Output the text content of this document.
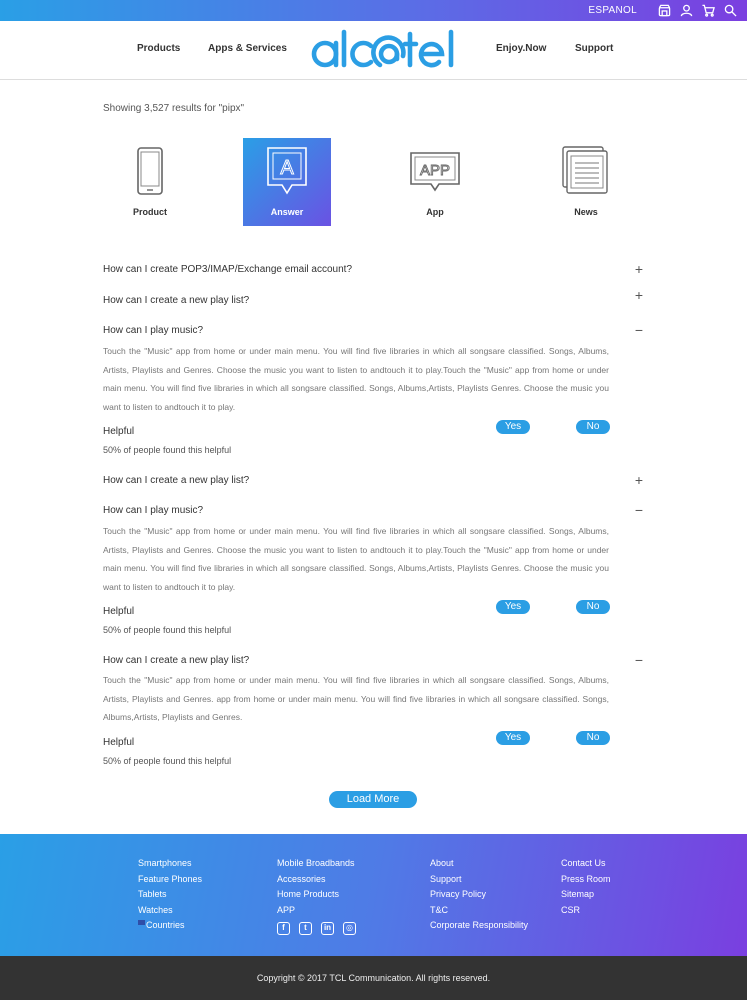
ESPANOL
Products	Apps & Services	Enjoy.Now	Support
Showing 3,527 results for "pipx"
Product
A
Answer
APP
App	News
How can I create POP3/IMAP/Exchange email account?	+
How can I create a new play list?	+
How can I play music?	−
Touch the "Music" app from home or under main menu. You will find five libraries in which all songsare classified. Songs, Albums, Artists, Playlists and Genres. Choose the music you want to listen to andtouch it to play.Touch the "Music" app from home or under main menu. You will find five libraries in which all songsare classified. Songs, Albums,Artists, Playlists Genres. Choose the music you want to listen to andtouch it to play.
Helpful	Yes	No
50% of people found this helpful
How can I create a new play list?	+
How can I play music?	−
Touch the "Music" app from home or under main menu. You will find five libraries in which all songsare classified. Songs, Albums, Artists, Playlists and Genres. Choose the music you want to listen to andtouch it to play.Touch the "Music" app from home or under main menu. You will find five libraries in which all songsare classified. Songs, Albums,Artists, Playlists Genres. Choose the music you want to listen to andtouch it to play.
Helpful	Yes	No
50% of people found this helpful
How can I create a new play list?	−
Touch the "Music" app from home or under main menu. You will find five libraries in which all songsare classified. Songs, Albums, Artists, Playlists and Genres. app from home or under main menu. You will find five libraries in which all songsare classified. Songs, Albums,Artists, Playlists and Genres.
Helpful	Yes	No
50% of people found this helpful
Load More
Smartphones
Feature Phones
Tablets
Watches
Countries
Mobile Broadbands
Accessories
Home Products
APP
f	t	in	◎
About
Support
Privacy Policy
T&C
Corporate Responsibility
Contact Us
Press Room
Sitemap
CSR
Copyright © 2017 TCL Communication. All rights reserved.
